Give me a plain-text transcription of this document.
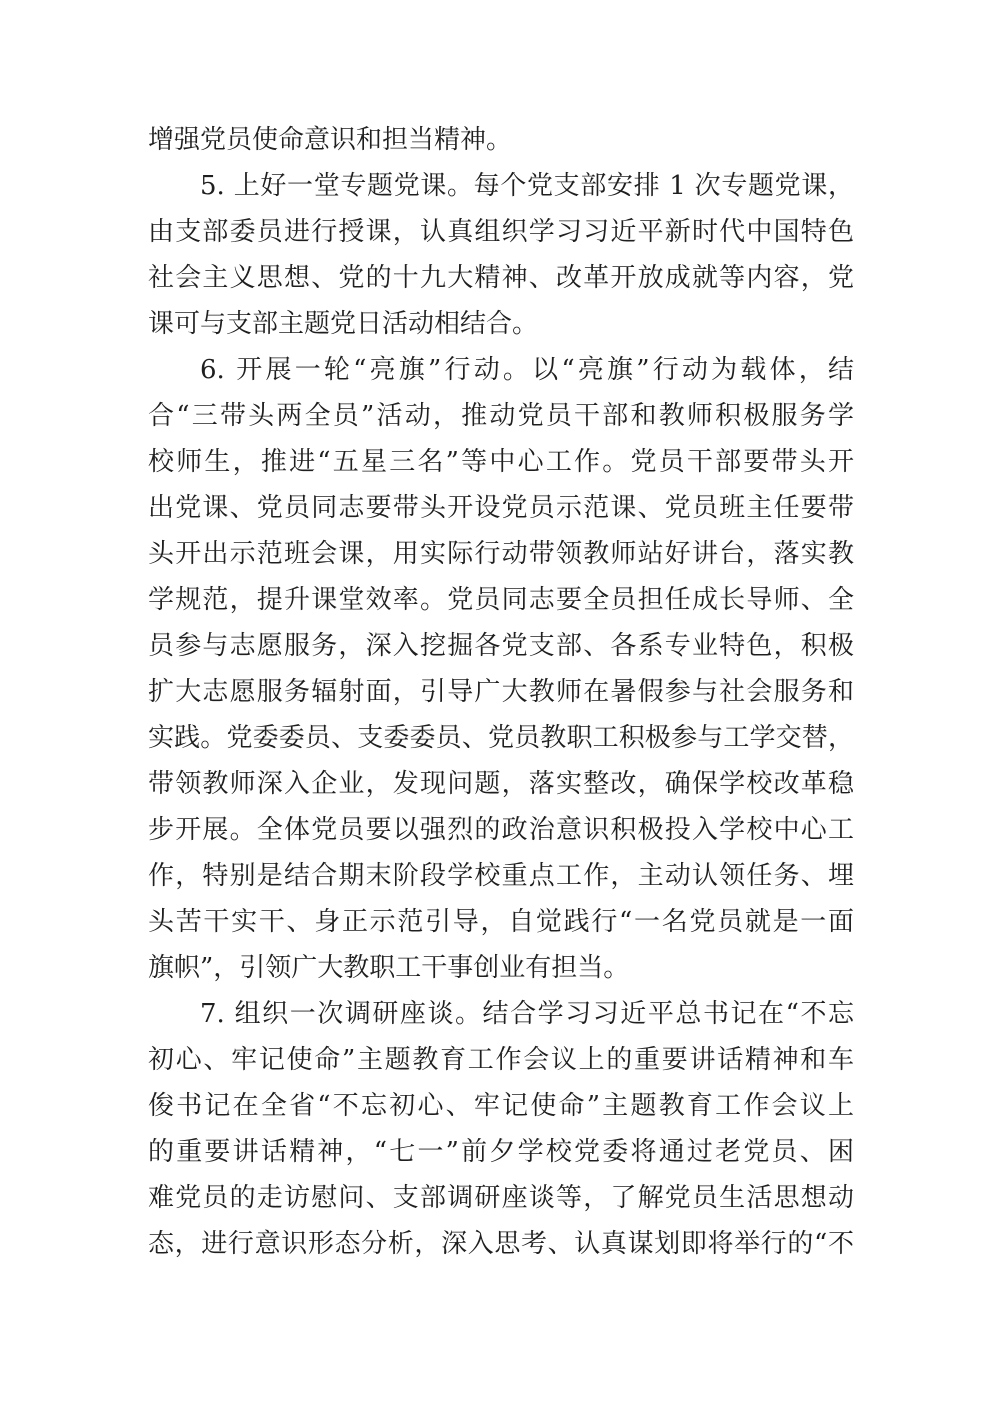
增强党员使命意识和担当精神。
5. 上好一堂专题党课。每个党支部安排 1 次专题党课，
由支部委员进行授课，认真组织学习习近平新时代中国特色
社会主义思想、党的十九大精神、改革开放成就等内容，党
课可与支部主题党日活动相结合。
6. 开展一轮“亮旗”行动。以“亮旗”行动为载体，结
合“三带头两全员”活动，推动党员干部和教师积极服务学
校师生，推进“五星三名”等中心工作。党员干部要带头开
出党课、党员同志要带头开设党员示范课、党员班主任要带
头开出示范班会课，用实际行动带领教师站好讲台，落实教
学规范，提升课堂效率。党员同志要全员担任成长导师、全
员参与志愿服务，深入挖掘各党支部、各系专业特色，积极
扩大志愿服务辐射面，引导广大教师在暑假参与社会服务和
实践。党委委员、支委委员、党员教职工积极参与工学交替，
带领教师深入企业，发现问题，落实整改，确保学校改革稳
步开展。全体党员要以强烈的政治意识积极投入学校中心工
作，特别是结合期末阶段学校重点工作，主动认领任务、埋
头苦干实干、身正示范引导，自觉践行“一名党员就是一面
旗帜”，引领广大教职工干事创业有担当。
7. 组织一次调研座谈。结合学习习近平总书记在“不忘
初心、牢记使命”主题教育工作会议上的重要讲话精神和车
俊书记在全省“不忘初心、牢记使命”主题教育工作会议上
的重要讲话精神，“七一”前夕学校党委将通过老党员、困
难党员的走访慰问、支部调研座谈等，了解党员生活思想动
态，进行意识形态分析，深入思考、认真谋划即将举行的“不
